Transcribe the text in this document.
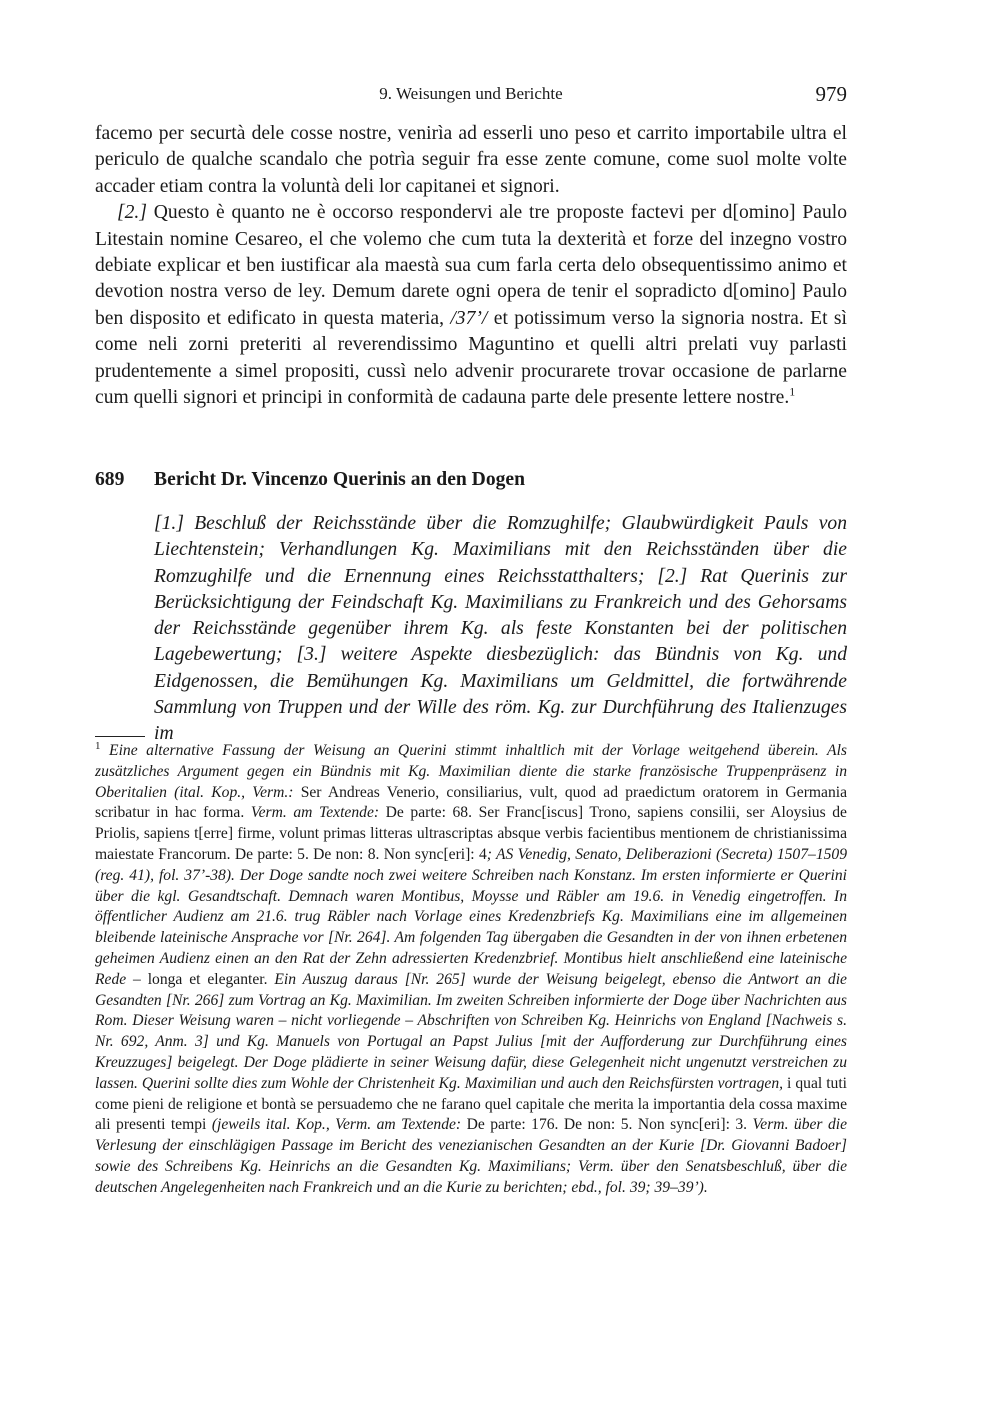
9. Weisungen und Berichte	979

facemo per securtà dele cosse nostre, venirìa ad esserli uno peso et carrito importabile ultra el periculo de qualche scandalo che potrìa seguir fra esse zente comune, come suol molte volte accader etiam contra la voluntà deli lor capitanei et signori.

[2.] Questo è quanto ne è occorso respondervi ale tre proposte factevi per d[omino] Paulo Litestain nomine Cesareo, el che volemo che cum tuta la dexterità et forze del inzegno vostro debiate explicar et ben iustificar ala maestà sua cum farla certa delo obsequentissimo animo et devotion nostra verso de ley. Demum darete ogni opera de tenir el sopradicto d[omino] Paulo ben disposito et edificato in questa materia, /37’/ et potissimum verso la signoria nostra. Et sì come neli zorni preteriti al reverendissimo Maguntino et quelli altri prelati vuy parlasti prudentemente a simel propositi, cussì nelo advenir procurarete trovar occasione de parlarne cum quelli signori et principi in conformità de cadauna parte dele presente lettere nostre.$^1$

689 Bericht Dr. Vincenzo Querinis an den Dogen
[1.] Beschluß der Reichsstände über die Romzughilfe; Glaubwürdigkeit Pauls von Liechtenstein; Verhandlungen Kg. Maximilians mit den Reichsständen über die Romzughilfe und die Ernennung eines Reichsstatthalters; [2.] Rat Querinis zur Berücksichtigung der Feindschaft Kg. Maximilians zu Frankreich und des Gehorsams der Reichsstände gegenüber ihrem Kg. als feste Konstanten bei der politischen Lagebewertung; [3.] weitere Aspekte diesbezüglich: das Bündnis von Kg. und Eidgenossen, die Bemühungen Kg. Maximilians um Geldmittel, die fortwährende Sammlung von Truppen und der Wille des röm. Kg. zur Durchführung des Italienzuges im
$^1$ Eine alternative Fassung der Weisung an Querini stimmt inhaltlich mit der Vorlage weitgehend überein. Als zusätzliches Argument gegen ein Bündnis mit Kg. Maximilian diente die starke französische Truppenpräsenz in Oberitalien (ital. Kop., Verm.: Ser Andreas Venerio, consiliarius, vult, quod ad praedictum oratorem in Germania scribatur in hac forma. Verm. am Textende: De parte: 68. Ser Franc[iscus] Trono, sapiens consilii, ser Aloysius de Priolis, sapiens t[erre] firme, volunt primas litteras ultrascriptas absque verbis facientibus mentionem de christianissima maiestate Francorum. De parte: 5. De non: 8. Non sync[eri]: 4; AS Venedig, Senato, Deliberazioni (Secreta) 1507–1509 (reg. 41), fol. 37’-38). Der Doge sandte noch zwei weitere Schreiben nach Konstanz. Im ersten informierte er Querini über die kgl. Gesandtschaft. Demnach waren Montibus, Moysse und Räbler am 19.6. in Venedig eingetroffen. In öffentlicher Audienz am 21.6. trug Räbler nach Vorlage eines Kredenzbriefs Kg. Maximilians eine im allgemeinen bleibende lateinische Ansprache vor [Nr. 264]. Am folgenden Tag übergaben die Gesandten in der von ihnen erbetenen geheimen Audienz einen an den Rat der Zehn adressierten Kredenzbrief. Montibus hielt anschließend eine lateinische Rede – longa et eleganter. Ein Auszug daraus [Nr. 265] wurde der Weisung beigelegt, ebenso die Antwort an die Gesandten [Nr. 266] zum Vortrag an Kg. Maximilian. Im zweiten Schreiben informierte der Doge über Nachrichten aus Rom. Dieser Weisung waren – nicht vorliegende – Abschriften von Schreiben Kg. Heinrichs von England [Nachweis s. Nr. 692, Anm. 3] und Kg. Manuels von Portugal an Papst Julius [mit der Aufforderung zur Durchführung eines Kreuzzuges] beigelegt. Der Doge plädierte in seiner Weisung dafür, diese Gelegenheit nicht ungenutzt verstreichen zu lassen. Querini sollte dies zum Wohle der Christenheit Kg. Maximilian und auch den Reichsfürsten vortragen, i qual tuti come pieni de religione et bontà se persuademo che ne farano quel capitale che merita la importantia dela cossa maxime ali presenti tempi (jeweils ital. Kop., Verm. am Textende: De parte: 176. De non: 5. Non sync[eri]: 3. Verm. über die Verlesung der einschlägigen Passage im Bericht des venezianischen Gesandten an der Kurie [Dr. Giovanni Badoer] sowie des Schreibens Kg. Heinrichs an die Gesandten Kg. Maximilians; Verm. über den Senatsbeschluß, über die deutschen Angelegenheiten nach Frankreich und an die Kurie zu berichten; ebd., fol. 39; 39–39’).
